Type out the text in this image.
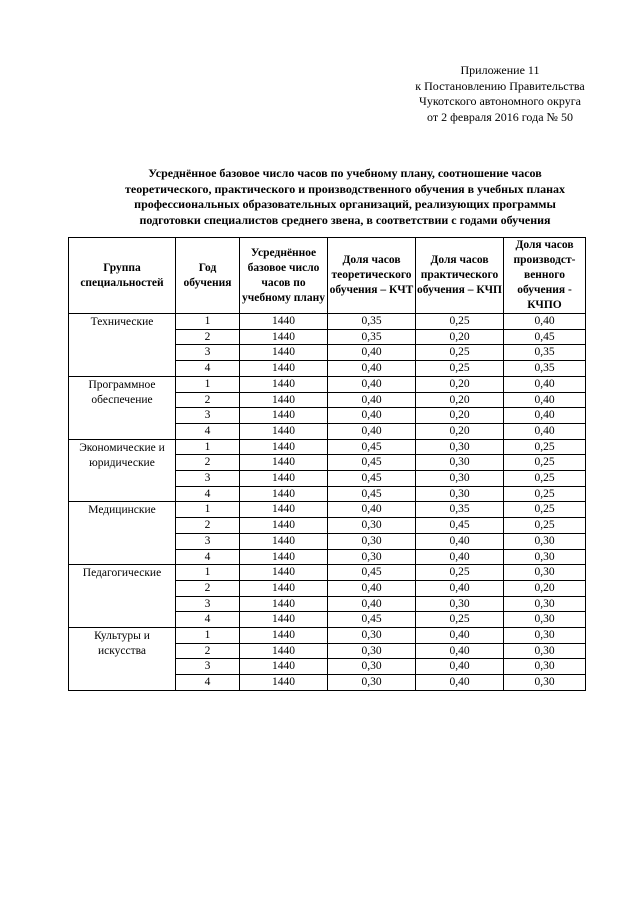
Приложение 11
к Постановлению Правительства
Чукотского автономного округа
от 2 февраля 2016 года № 50
Усреднённое базовое число часов по учебному плану, соотношение часов
теоретического, практического и производственного обучения в учебных планах
профессиональных образовательных организаций, реализующих программы
подготовки специалистов среднего звена, в соответствии с годами обучения
Группа специальностей	Год обучения	Усреднённое базовое число часов по учебному плану	Доля часов теоретического обучения – КЧТ	Доля часов практического обучения – КЧП	Доля часов производст-венного обучения - КЧПО
Технические	1	1440	0,35	0,25	0,40
	2	1440	0,35	0,20	0,45
	3	1440	0,40	0,25	0,35
	4	1440	0,40	0,25	0,35
Программное обеспечение	1	1440	0,40	0,20	0,40
	2	1440	0,40	0,20	0,40
	3	1440	0,40	0,20	0,40
	4	1440	0,40	0,20	0,40
Экономические и юридические	1	1440	0,45	0,30	0,25
	2	1440	0,45	0,30	0,25
	3	1440	0,45	0,30	0,25
	4	1440	0,45	0,30	0,25
Медицинские	1	1440	0,40	0,35	0,25
	2	1440	0,30	0,45	0,25
	3	1440	0,30	0,40	0,30
	4	1440	0,30	0,40	0,30
Педагогические	1	1440	0,45	0,25	0,30
	2	1440	0,40	0,40	0,20
	3	1440	0,40	0,30	0,30
	4	1440	0,45	0,25	0,30
Культуры и искусства	1	1440	0,30	0,40	0,30
	2	1440	0,30	0,40	0,30
	3	1440	0,30	0,40	0,30
	4	1440	0,30	0,40	0,30
